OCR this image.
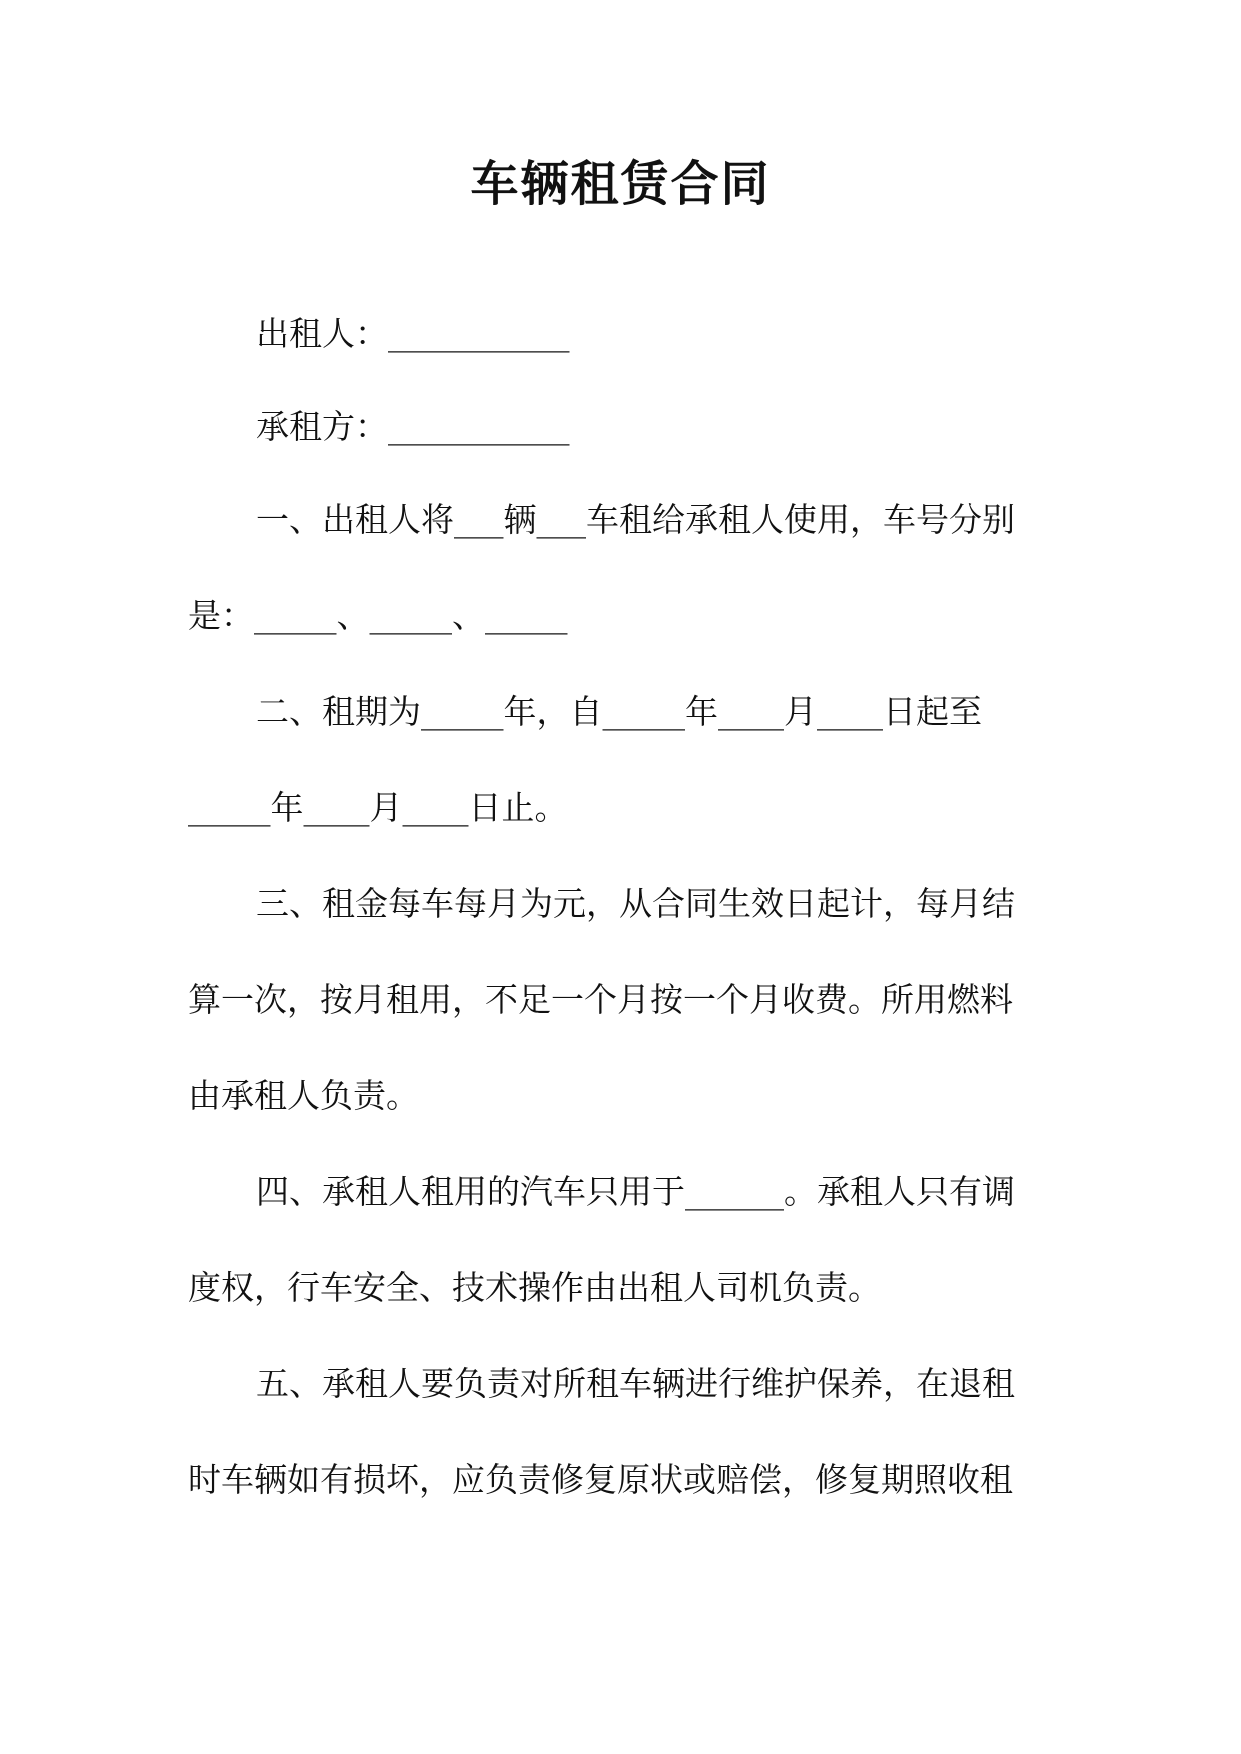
车辆租赁合同
出租人：___________
承租方：___________
一、出租人将___辆___车租给承租人使用，车号分别
是：_____、_____、_____
二、租期为_____年，自_____年____月____日起至
_____年____月____日止。
三、租金每车每月为元，从合同生效日起计，每月结
算一次，按月租用，不足一个月按一个月收费。所用燃料
由承租人负责。
四、承租人租用的汽车只用于______。承租人只有调
度权，行车安全、技术操作由出租人司机负责。
五、承租人要负责对所租车辆进行维护保养，在退租
时车辆如有损坏，应负责修复原状或赔偿，修复期照收租
